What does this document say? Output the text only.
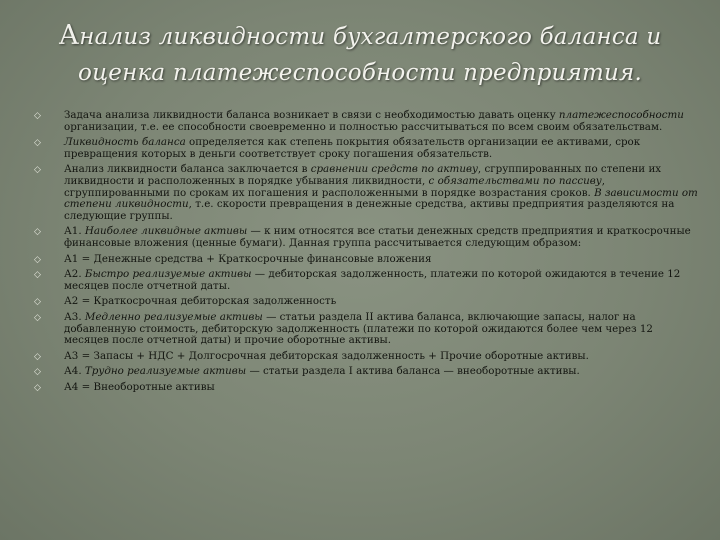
Анализ ликвидности бухгалтерского баланса и
оценка платежеспособности предприятия.
◇ Задача анализа ликвидности баланса возникает в связи с необходимостью давать оценку платежеспособности организации, т.е. ее способности своевременно и полностью рассчитываться по всем своим обязательствам.
◇ Ликвидность баланса определяется как степень покрытия обязательств организации ее активами, срок превращения которых в деньги соответствует сроку погашения обязательств.
◇ Анализ ликвидности баланса заключается в сравнении средств по активу, сгруппированных по степени их ликвидности и расположенных в порядке убывания ликвидности, с обязательствами по пассиву, сгруппированными по срокам их погашения и расположенными в порядке возрастания сроков. В зависимости от степени ликвидности, т.е. скорости превращения в денежные средства, активы предприятия разделяются на следующие группы.
◇ А1. Наиболее ликвидные активы — к ним относятся все статьи денежных средств предприятия и краткосрочные финансовые вложения (ценные бумаги). Данная группа рассчитывается следующим образом:
◇ А1 = Денежные средства + Краткосрочные финансовые вложения
◇ А2. Быстро реализуемые активы — дебиторская задолженность, платежи по которой ожидаются в течение 12 месяцев после отчетной даты.
◇ А2 = Краткосрочная дебиторская задолженность
◇ А3. Медленно реализуемые активы — статьи раздела II актива баланса, включающие запасы, налог на добавленную стоимость, дебиторскую задолженность (платежи по которой ожидаются более чем через 12 месяцев после отчетной даты) и прочие оборотные активы.
◇ А3 = Запасы + НДС + Долгосрочная дебиторская задолженность + Прочие оборотные активы.
◇ А4. Трудно реализуемые активы — статьи раздела I актива баланса — внеоборотные активы.
◇ А4 = Внеоборотные активы
